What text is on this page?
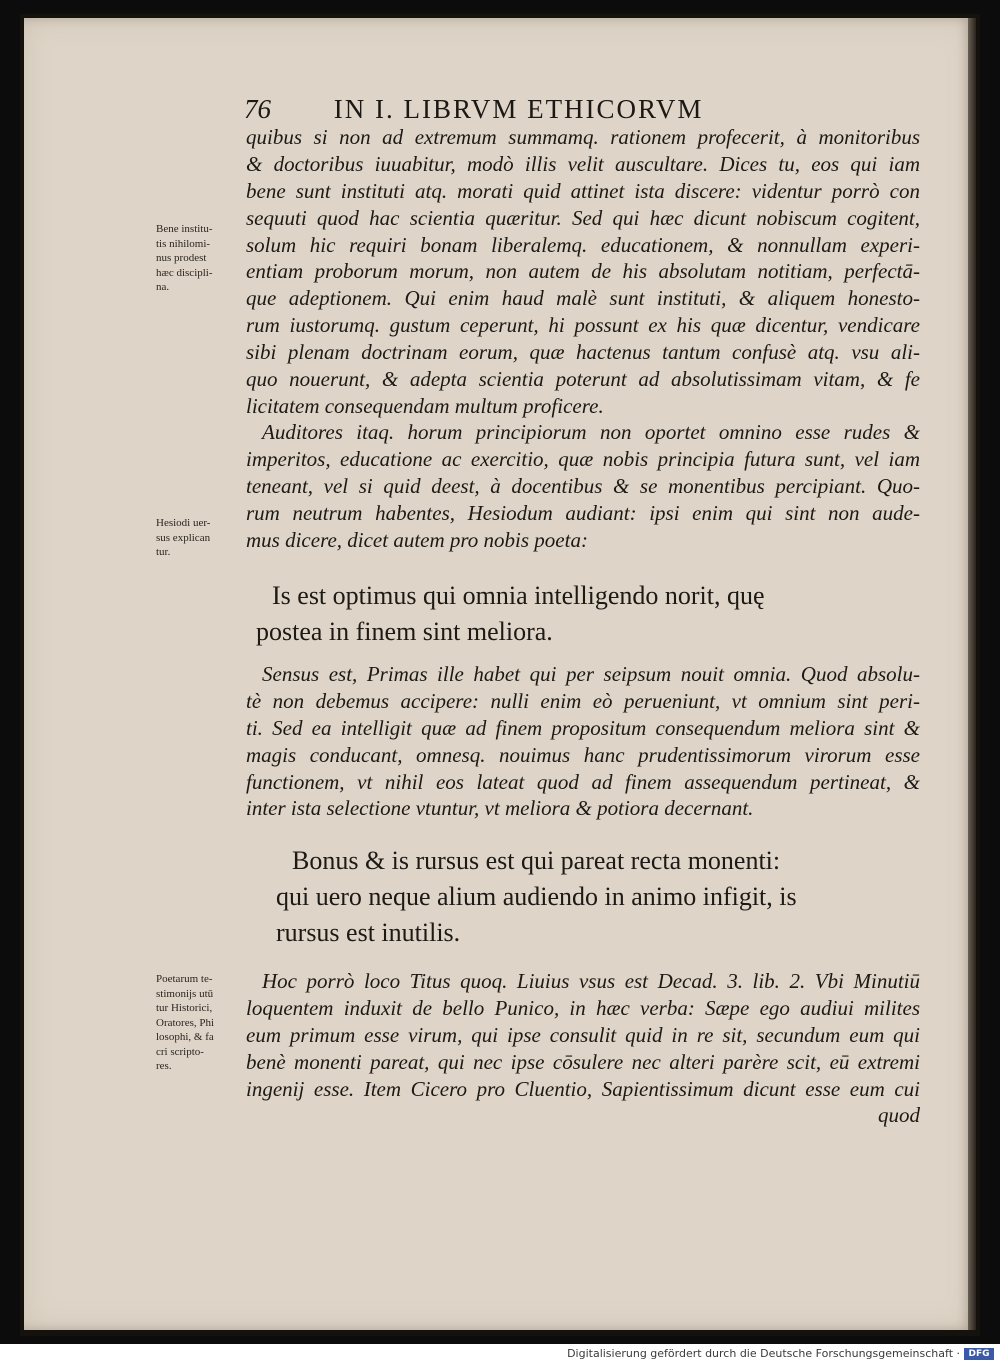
76 IN I. LIBRVM ETHICORVM
quibus si non ad extremum summamq. rationem profecerit, à monitoribus
& doctoribus iuuabitur, modò illis velit auscultare. Dices tu, eos qui iam
bene sunt instituti atq. morati quid attinet ista discere: videntur porrò con
sequuti quod hac scientia quæritur. Sed qui hæc dicunt nobiscum cogitent,
solum hic requiri bonam liberalemq. educationem, & nonnullam experi-
entiam proborum morum, non autem de his absolutam notitiam, perfectā-
que adeptionem. Qui enim haud malè sunt instituti, & aliquem honesto-
rum iustorumq. gustum ceperunt, hi possunt ex his quæ dicentur, vendicare
sibi plenam doctrinam eorum, quæ hactenus tantum confusè atq. vsu ali-
quo nouerunt, & adepta scientia poterunt ad absolutissimam vitam, & fe
licitatem consequendam multum proficere.
Auditores itaq. horum principiorum non oportet omnino esse rudes &
imperitos, educatione ac exercitio, quæ nobis principia futura sunt, vel iam
teneant, vel si quid deest, à docentibus & se monentibus percipiant. Quo-
rum neutrum habentes, Hesiodum audiant: ipsi enim qui sint non aude-
mus dicere, dicet autem pro nobis poeta:
Is est optimus qui omnia intelligendo norit, quę
postea in finem sint meliora.
Sensus est, Primas ille habet qui per seipsum nouit omnia. Quod absolu-
tè non debemus accipere: nulli enim eò perueniunt, vt omnium sint peri-
ti. Sed ea intelligit quæ ad finem propositum consequendum meliora sint &
magis conducant, omnesq. nouimus hanc prudentissimorum virorum esse
functionem, vt nihil eos lateat quod ad finem assequendum pertineat, &
inter ista selectione vtuntur, vt meliora & potiora decernant.
Bonus & is rursus est qui pareat recta monenti:
qui uero neque alium audiendo in animo infigit, is
rursus est inutilis.
Hoc porrò loco Titus quoq. Liuius vsus est Decad. 3. lib. 2. Vbi Minutiū
loquentem induxit de bello Punico, in hæc verba: Sæpe ego audiui milites
eum primum esse virum, qui ipse consulit quid in re sit, secundum eum qui
benè monenti pareat, qui nec ipse cōsulere nec alteri parère scit, eū extremi
ingenij esse. Item Cicero pro Cluentio, Sapientissimum dicunt esse eum cui
quod
Bene institu-
tis nihilomi-
nus prodest
hæc discipli-
na.
Hesiodi uer-
sus explican
tur.
Poetarum te-
stimonijs utū
tur Historici,
Oratores, Phi
losophi, & fa
cri scripto-
res.
Digitalisierung gefördert durch die Deutsche Forschungsgemeinschaft · DFG
